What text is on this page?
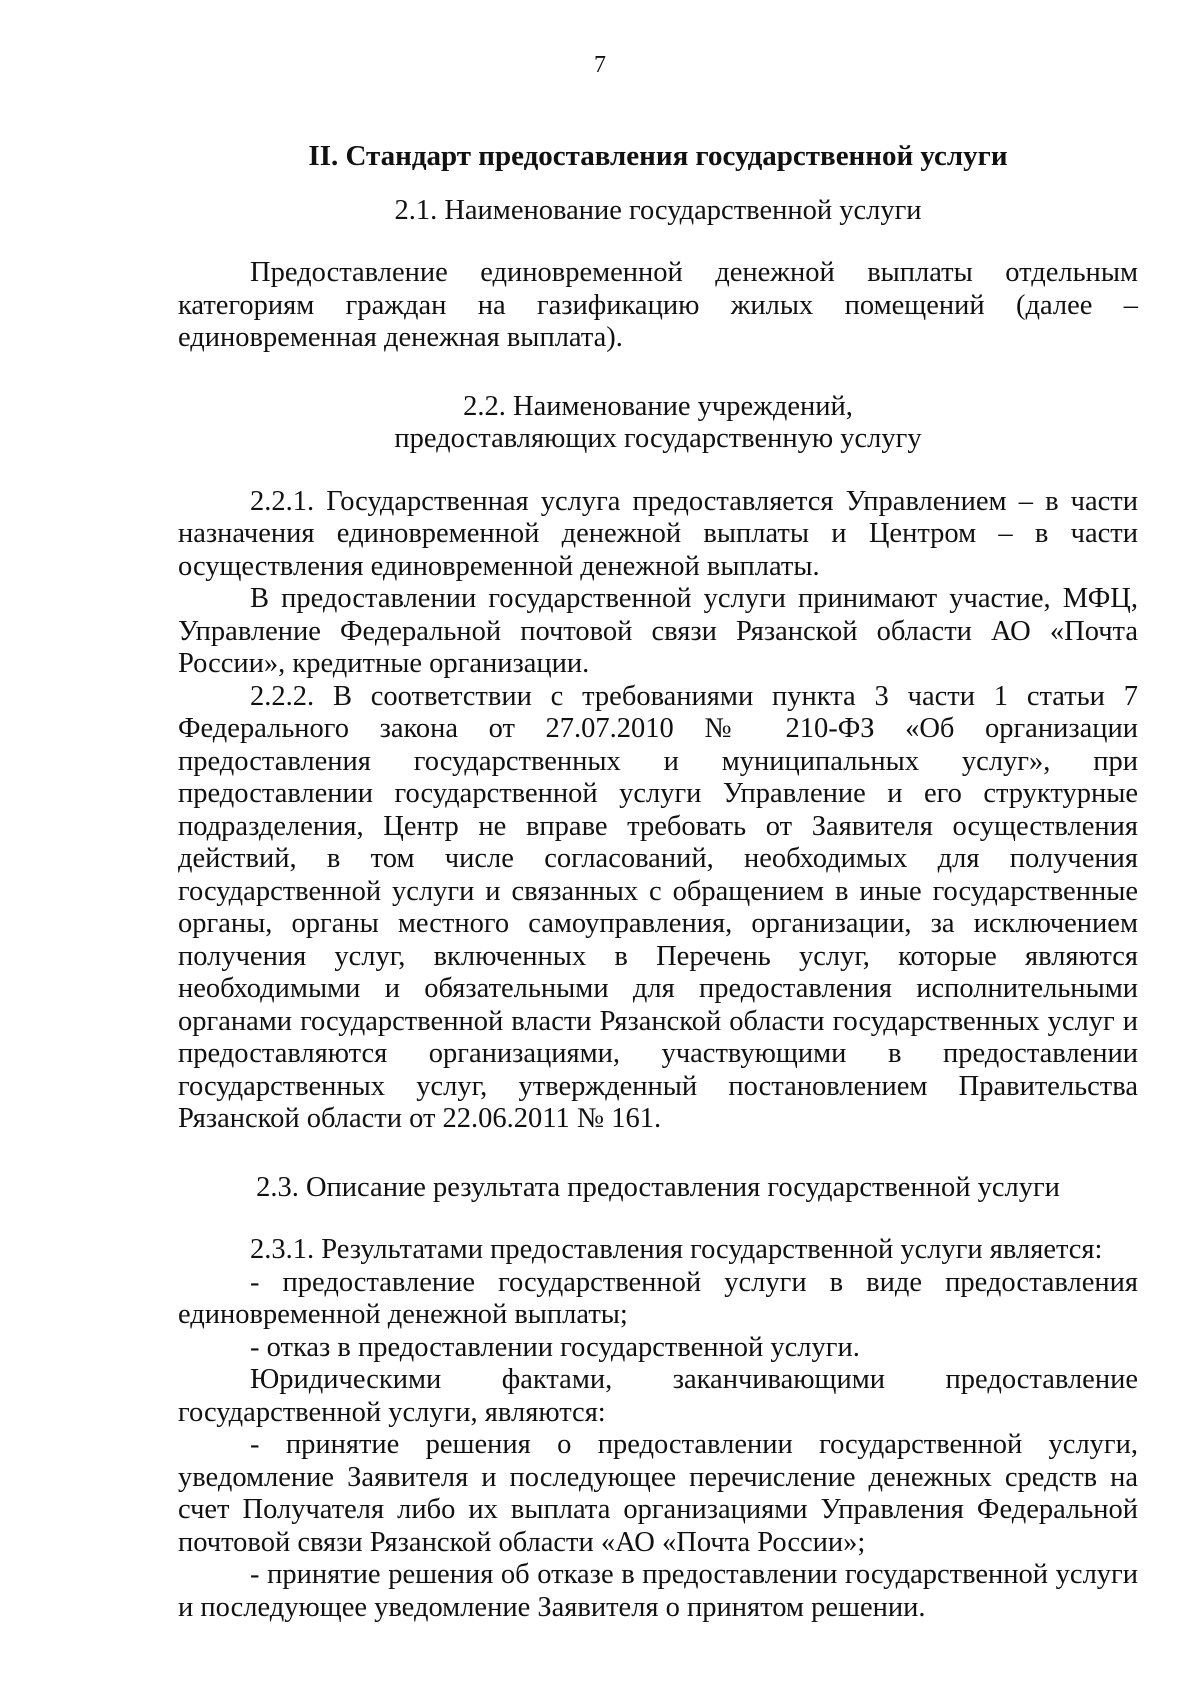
7

II. Стандарт предоставления государственной услуги

2.1. Наименование государственной услуги

Предоставление единовременной денежной выплаты отдельным категориям граждан на газификацию жилых помещений (далее – единовременная денежная выплата).

2.2. Наименование учреждений,

предоставляющих государственную услугу

2.2.1. Государственная услуга предоставляется Управлением – в части назначения единовременной денежной выплаты и Центром – в части осуществления единовременной денежной выплаты.

В предоставлении государственной услуги принимают участие, МФЦ, Управление Федеральной почтовой связи Рязанской области АО «Почта России», кредитные организации.

2.2.2. В соответствии с требованиями пункта 3 части 1 статьи 7 Федерального закона от 27.07.2010 № 210-ФЗ «Об организации предоставления государственных и муниципальных услуг», при предоставлении государственной услуги Управление и его структурные подразделения, Центр не вправе требовать от Заявителя осуществления действий, в том числе согласований, необходимых для получения государственной услуги и связанных с обращением в иные государственные органы, органы местного самоуправления, организации, за исключением получения услуг, включенных в Перечень услуг, которые являются необходимыми и обязательными для предоставления исполнительными органами государственной власти Рязанской области государственных услуг и предоставляются организациями, участвующими в предоставлении государственных услуг, утвержденный постановлением Правительства Рязанской области от 22.06.2011 № 161.

2.3. Описание результата предоставления государственной услуги

2.3.1. Результатами предоставления государственной услуги является:

- предоставление государственной услуги в виде предоставления единовременной денежной выплаты;

- отказ в предоставлении государственной услуги.

Юридическими фактами, заканчивающими предоставление государственной услуги, являются:

- принятие решения о предоставлении государственной услуги, уведомление Заявителя и последующее перечисление денежных средств на счет Получателя либо их выплата организациями Управления Федеральной почтовой связи Рязанской области «АО «Почта России»;

- принятие решения об отказе в предоставлении государственной услуги и последующее уведомление Заявителя о принятом решении.
